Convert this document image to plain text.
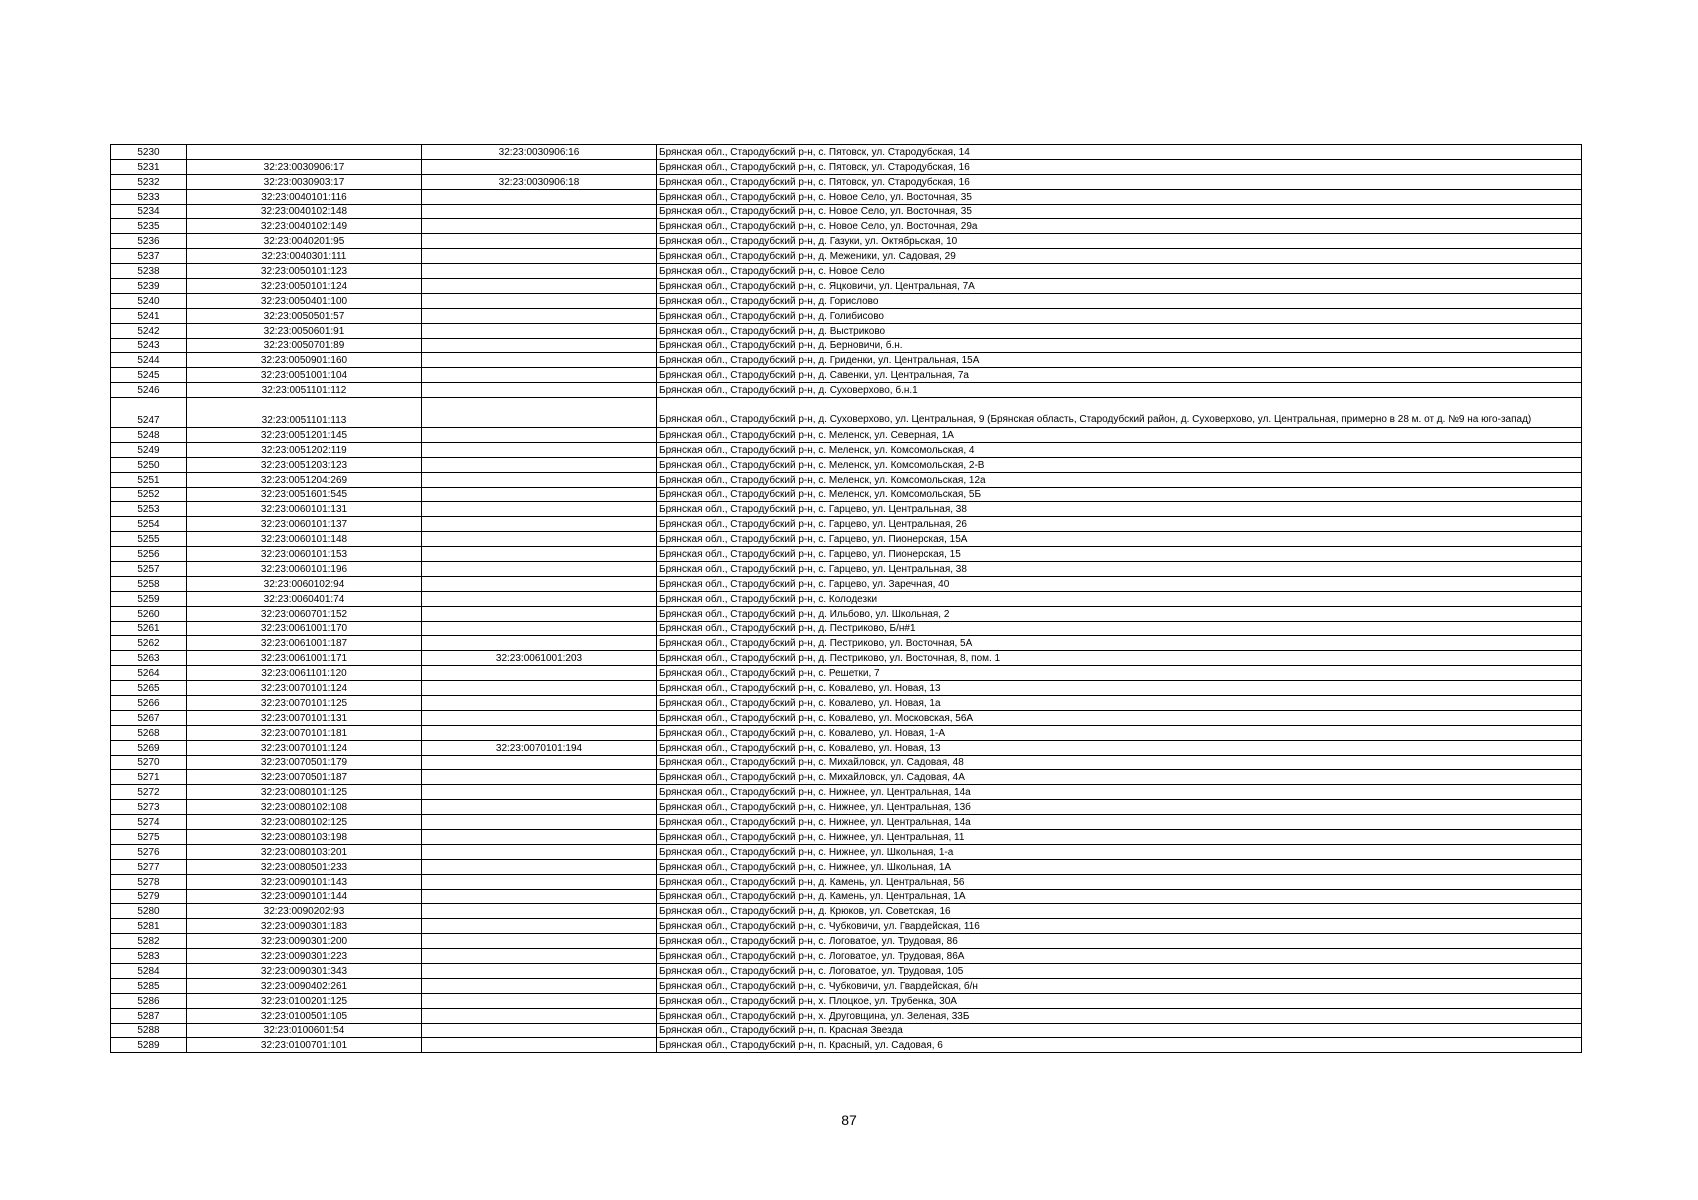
5230		32:23:0030906:16	Брянская обл., Стародубский р-н, с. Пятовск, ул. Стародубская, 14
5231	32:23:0030906:17		Брянская обл., Стародубский р-н, с. Пятовск, ул. Стародубская, 16
5232	32:23:0030903:17	32:23:0030906:18	Брянская обл., Стародубский р-н, с. Пятовск, ул. Стародубская, 16
5233	32:23:0040101:116		Брянская обл., Стародубский р-н, с. Новое Село, ул. Восточная, 35
5234	32:23:0040102:148		Брянская обл., Стародубский р-н, с. Новое Село, ул. Восточная, 35
5235	32:23:0040102:149		Брянская обл., Стародубский р-н, с. Новое Село, ул. Восточная, 29а
5236	32:23:0040201:95		Брянская обл., Стародубский р-н, д. Газуки, ул. Октябрьская, 10
5237	32:23:0040301:111		Брянская обл., Стародубский р-н, д. Меженики, ул. Садовая, 29
5238	32:23:0050101:123		Брянская обл., Стародубский р-н, с. Новое Село
5239	32:23:0050101:124		Брянская обл., Стародубский р-н, с. Яцковичи, ул. Центральная, 7А
5240	32:23:0050401:100		Брянская обл., Стародубский р-н, д. Горислово
5241	32:23:0050501:57		Брянская обл., Стародубский р-н, д. Голибисово
5242	32:23:0050601:91		Брянская обл., Стародубский р-н, д. Выстриково
5243	32:23:0050701:89		Брянская обл., Стародубский р-н, д. Берновичи, б.н.
5244	32:23:0050901:160		Брянская обл., Стародубский р-н, д. Гриденки, ул. Центральная, 15А
5245	32:23:0051001:104		Брянская обл., Стародубский р-н, д. Савенки, ул. Центральная, 7а
5246	32:23:0051101:112		Брянская обл., Стародубский р-н, д. Суховерхово, б.н.1
5247	32:23:0051101:113		Брянская обл., Стародубский р-н, д. Суховерхово, ул. Центральная, 9 (Брянская область, Стародубский район, д. Суховерхово, ул. Центральная, примерно в 28 м. от д. №9 на юго-запад)
5248	32:23:0051201:145		Брянская обл., Стародубский р-н, с. Меленск, ул. Северная, 1А
5249	32:23:0051202:119		Брянская обл., Стародубский р-н, с. Меленск, ул. Комсомольская, 4
5250	32:23:0051203:123		Брянская обл., Стародубский р-н, с. Меленск, ул. Комсомольская, 2-В
5251	32:23:0051204:269		Брянская обл., Стародубский р-н, с. Меленск, ул. Комсомольская, 12а
5252	32:23:0051601:545		Брянская обл., Стародубский р-н, с. Меленск, ул. Комсомольская, 5Б
5253	32:23:0060101:131		Брянская обл., Стародубский р-н, с. Гарцево, ул. Центральная, 38
5254	32:23:0060101:137		Брянская обл., Стародубский р-н, с. Гарцево, ул. Центральная, 26
5255	32:23:0060101:148		Брянская обл., Стародубский р-н, с. Гарцево, ул. Пионерская, 15А
5256	32:23:0060101:153		Брянская обл., Стародубский р-н, с. Гарцево, ул. Пионерская, 15
5257	32:23:0060101:196		Брянская обл., Стародубский р-н, с. Гарцево, ул. Центральная, 38
5258	32:23:0060102:94		Брянская обл., Стародубский р-н, с. Гарцево, ул. Заречная, 40
5259	32:23:0060401:74		Брянская обл., Стародубский р-н, с. Колодезки
5260	32:23:0060701:152		Брянская обл., Стародубский р-н, д. Ильбово, ул. Школьная, 2
5261	32:23:0061001:170		Брянская обл., Стародубский р-н, д. Пестриково, Б/н#1
5262	32:23:0061001:187		Брянская обл., Стародубский р-н, д. Пестриково, ул. Восточная, 5А
5263	32:23:0061001:171	32:23:0061001:203	Брянская обл., Стародубский р-н, д. Пестриково, ул. Восточная, 8, пом. 1
5264	32:23:0061101:120		Брянская обл., Стародубский р-н, с. Решетки, 7
5265	32:23:0070101:124		Брянская обл., Стародубский р-н, с. Ковалево, ул. Новая, 13
5266	32:23:0070101:125		Брянская обл., Стародубский р-н, с. Ковалево, ул. Новая, 1а
5267	32:23:0070101:131		Брянская обл., Стародубский р-н, с. Ковалево, ул. Московская, 56А
5268	32:23:0070101:181		Брянская обл., Стародубский р-н, с. Ковалево, ул. Новая, 1-А
5269	32:23:0070101:124	32:23:0070101:194	Брянская обл., Стародубский р-н, с. Ковалево, ул. Новая, 13
5270	32:23:0070501:179		Брянская обл., Стародубский р-н, с. Михайловск, ул. Садовая, 48
5271	32:23:0070501:187		Брянская обл., Стародубский р-н, с. Михайловск, ул. Садовая, 4А
5272	32:23:0080101:125		Брянская обл., Стародубский р-н, с. Нижнее, ул. Центральная, 14а
5273	32:23:0080102:108		Брянская обл., Стародубский р-н, с. Нижнее, ул. Центральная, 13б
5274	32:23:0080102:125		Брянская обл., Стародубский р-н, с. Нижнее, ул. Центральная, 14а
5275	32:23:0080103:198		Брянская обл., Стародубский р-н, с. Нижнее, ул. Центральная, 11
5276	32:23:0080103:201		Брянская обл., Стародубский р-н, с. Нижнее, ул. Школьная, 1-а
5277	32:23:0080501:233		Брянская обл., Стародубский р-н, с. Нижнее, ул. Школьная, 1А
5278	32:23:0090101:143		Брянская обл., Стародубский р-н, д. Камень, ул. Центральная, 56
5279	32:23:0090101:144		Брянская обл., Стародубский р-н, д. Камень, ул. Центральная, 1А
5280	32:23:0090202:93		Брянская обл., Стародубский р-н, д. Крюков, ул. Советская, 16
5281	32:23:0090301:183		Брянская обл., Стародубский р-н, с. Чубковичи, ул. Гвардейская, 116
5282	32:23:0090301:200		Брянская обл., Стародубский р-н, с. Логоватое, ул. Трудовая, 86
5283	32:23:0090301:223		Брянская обл., Стародубский р-н, с. Логоватое, ул. Трудовая, 86А
5284	32:23:0090301:343		Брянская обл., Стародубский р-н, с. Логоватое, ул. Трудовая, 105
5285	32:23:0090402:261		Брянская обл., Стародубский р-н, с. Чубковичи, ул. Гвардейская, б/н
5286	32:23:0100201:125		Брянская обл., Стародубский р-н, х. Плоцкое, ул. Трубенка, 30А
5287	32:23:0100501:105		Брянская обл., Стародубский р-н, х. Друговщина, ул. Зеленая, 33Б
5288	32:23:0100601:54		Брянская обл., Стародубский р-н, п. Красная Звезда
5289	32:23:0100701:101		Брянская обл., Стародубский р-н, п. Красный, ул. Садовая, 6
87
